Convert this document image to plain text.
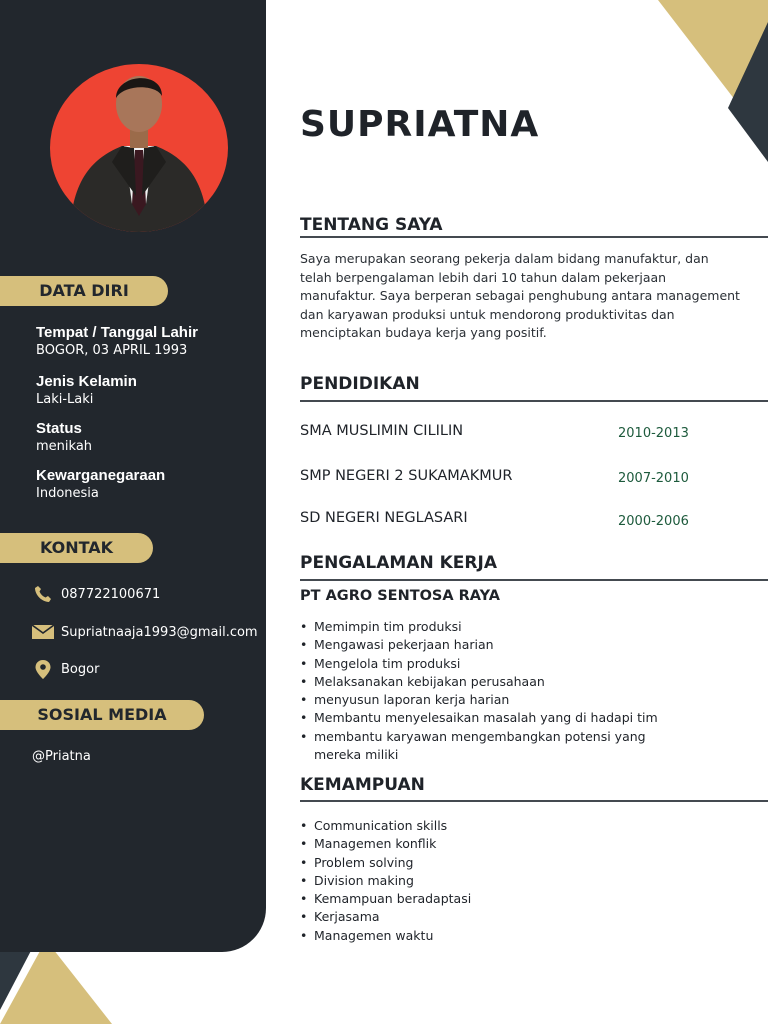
DATA DIRI
Tempat / Tanggal Lahir
BOGOR, 03 APRIL 1993
Jenis Kelamin
Laki-Laki
Status
menikah
Kewarganegaraan
Indonesia
KONTAK
087722100671
Supriatnaaja1993@gmail.com
Bogor
SOSIAL MEDIA
@Priatna
SUPRIATNA
TENTANG SAYA
Saya merupakan seorang pekerja dalam bidang manufaktur, dan telah berpengalaman lebih dari 10 tahun dalam pekerjaan manufaktur. Saya berperan sebagai penghubung antara management dan karyawan produksi untuk mendorong produktivitas dan menciptakan budaya kerja yang positif.
PENDIDIKAN
SMA MUSLIMIN CILILIN	2010-2013
SMP NEGERI 2 SUKAMAKMUR	2007-2010
SD NEGERI NEGLASARI	2000-2006
PENGALAMAN KERJA
PT AGRO SENTOSA RAYA
• Memimpin tim produksi
• Mengawasi pekerjaan harian
• Mengelola tim produksi
• Melaksanakan kebijakan perusahaan
• menyusun laporan kerja harian
• Membantu menyelesaikan masalah yang di hadapi tim
• membantu karyawan mengembangkan potensi yang mereka miliki
KEMAMPUAN
• Communication skills
• Managemen konflik
• Problem solving
• Division making
• Kemampuan beradaptasi
• Kerjasama
• Managemen waktu
